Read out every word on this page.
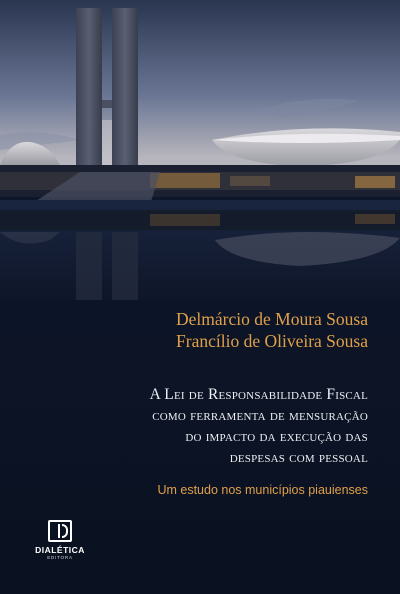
Delmárcio de Moura Sousa
Francílio de Oliveira Sousa
A Lei de Responsabilidade Fiscal
como ferramenta de mensuração
do impacto da execução das
despesas com pessoal
Um estudo nos municípios piauienses
DIALÉTICA
EDITORA
